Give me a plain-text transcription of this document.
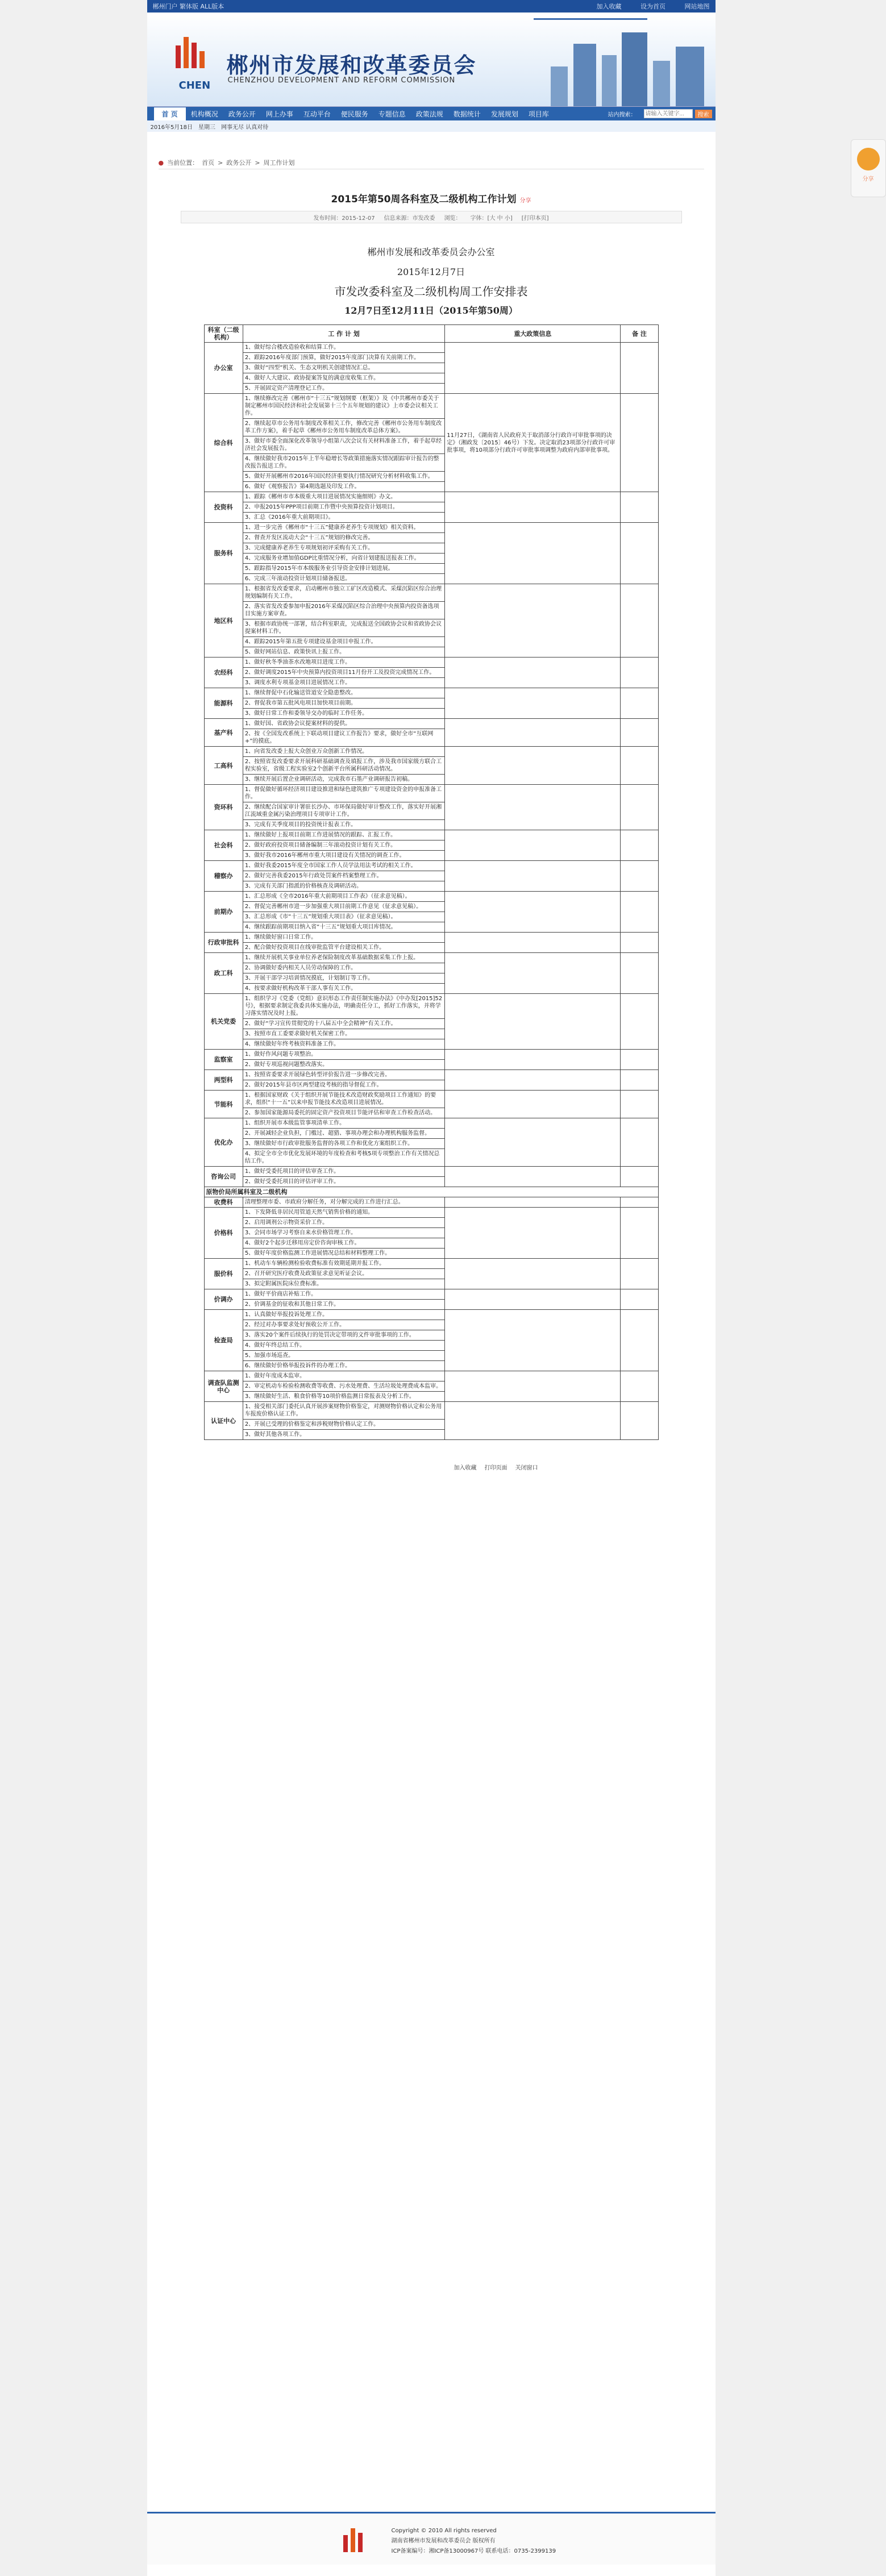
郴州门户 繁体版 ALL版本	加入收藏	设为首页	网站地图
CHEN
郴州市发展和改革委员会
CHENZHOU DEVELOPMENT AND REFORM COMMISSION
首 页	机构概况	政务公开	网上办事	互动平台	便民服务	专题信息	政策法规	数据统计	发展规划	项目库	站内搜索：
请输入关键字...	搜索
2016年5月18日 星期三 网事无尽 认真对待
● 当前位置： 首页 > 政务公开 > 周工作计划
2015年第50周各科室及二级机构工作计划 分享
发布时间：2015-12-07 信息来源：市发改委 浏览： 字体：[大 中 小] [打印本页]
郴州市发展和改革委员会办公室
2015年12月7日
市发改委科室及二级机构周工作安排表
12月7日至12月11日（2015年第50周）
科室（二级机构）	工 作 计 划	重大政策信息	备 注
办公室	1、做好综合楼改造验收和结算工作。		
	2、跟踪2016年度部门预算，做好2015年度部门决算有关前期工作。		
	3、做好“四型”机关、生态文明机关创建情况汇总。		
	4、做好人大建议、政协提案答复的满意度收集工作。		
	5、开展固定资产清理登记工作。		
综合科	1、继续修改完善《郴州市“十三五”规划纲要（框架）》及《中共郴州市委关于制定郴州市国民经济和社会发展第十三个五年规划的建议》上市委会议相关工作。	11月27日，《湖南省人民政府关于取消部分行政许可审批事项的决定》（湘政发〔2015〕46号）下发。决定取消23项部分行政许可审批事项，将10项部分行政许可审批事项调整为政府内部审批事项。	
	2、继续起草市公务用车制度改革相关工作，修改完善《郴州市公务用车制度改革工作方案》，着手起草《郴州市公务用车制度改革总体方案》。		
	3、做好市委全面深化改革领导小组第八次会议有关材料准备工作，着手起草经济社会发展报告。		
	4、继续做好我市2015年上半年稳增长等政策措施落实情况跟踪审计报告的整改报告报送工作。		
	5、做好开展郴州市2016年国民经济重要执行情况研究分析材料收集工作。		
	6、做好《观察报告》第4期选题及印发工作。		
投资科	1、跟踪《郴州市市本级重大项目进展情况实施细则》办文。		
	2、申报2015年PPP项目前期工作暨中央预算投资计划项目。		
	3、汇总《2016年重大前期项目》。		
服务科	1、进一步完善《郴州市“十三五”健康养老养生专项规划》相关资料。		
	2、督查开发区流动大会“十三五”规划的修改完善。		
	3、完成健康养老养生专项规划初评采购有关工作。		
	4、完成服务业增加值GDP比重情况分析，向省计划建报送报表工作。		
	5、跟踪指导2015年市本级服务业引导资金安排计划进展。		
	6、完成三年滚动投资计划项目储备报送。		
地区科	1、根据省发改委要求，启动郴州市独立工矿区改造模式、采煤沉陷区综合治理规划编制有关工作。		
	2、落实省发改委参加申报2016年采煤沉陷区综合治理中央预算内投资备选项目实施方案审查。		
	3、根据市政协统一部署，结合科室职责，完成报送全国政协会议和省政协会议提案材料工作。		
	4、跟踪2015年第五批专项建设基金项目申报工作。		
	5、做好网站信息、政策快讯上报工作。		
农经科	1、做好秋冬季油茶水改地项目进度工作。		
	2、做好调度2015年中央预算内投资项目11月份开工及投资完成情况工作。		
	3、调度水利专项基金项目进展情况工作。		
能源科	1、继续督促中石化输送管道安全隐患整改。		
	2、督促我市第五批风电项目加快项目前期。		
	3、做好日常工作和委领导交办的临时工作任务。		
基产科	1、做好国、省政协会议提案材料的提供。		
	2、按《全国发改系统上下联动项目建议工作报告》要求，做好全市“互联网+”的摸底。		
工高科	1、向省发改委上报大众创业万众创新工作情况。		
	2、按照省发改委要求开展科研基础调查及填报工作，涉及我市国家级方联合工程实验室，省级工程实验室2个创新平台所属科研活动情况。		
	3、继续开展后置企业调研活动，完成我市石墨产业调研报告初稿。		
资环科	1、督促做好循环经济项目建设推进和绿色建筑推广专项建设资金的申报准备工作。		
	2、继续配合国家审计署驻长沙办、市环保局做好审计整改工作，落实好开展湘江流域重金属污染治理项目专项审计工作。		
	3、完成有关季度项目的投资统计报表工作。		
社会科	1、继续做好上报项目前期工作进展情况的跟踪、汇报工作。		
	2、做好政府投资项目储备编制三年滚动投资计划有关工作。		
	3、做好我市2016年郴州市重大项目建设有关情况的调查工作。		
稽察办	1、做好我委2015年度全市国家工作人员学法用法考试的相关工作。		
	2、做好完善我委2015年行政处罚案件档案整理工作。		
	3、完成有关部门指派的价格核查及调研活动。		
前期办	1、汇总形成《全市2016年重大前期项目工作表》（征求意见稿）。		
	2、督促完善郴州市进一步加强重大项目前期工作意见（征求意见稿）。		
	3、汇总形成《市“十三五”规划重大项目表》（征求意见稿）。		
	4、继续跟踪前期项目纳入省“十三五”规划重大项目库情况。		
行政审批科	1、继续做好窗口日常工作。		
	2、配合做好投资项目在线审批监管平台建设相关工作。		
政工科	1、继续开展机关事业单位养老保险制度改革基础数据采集工作上报。		
	2、协调做好委内相关人员劳动保障的工作。		
	3、开展干部学习培训情况摸底，计划制订等工作。		
	4、按要求做好机构改革干部人事有关工作。		
机关党委	1、组织学习《党委（党组）意识形态工作责任制实施办法》《中办发[2015]52号》，根据要求制定我委具体实施办法，明确责任分工，抓好工作落实，并将学习落实情况及时上报。		
	2、做好“学习宣传贯彻党的十八届五中全会精神”有关工作。		
	3、按照市直工委要求做好机关保密工作。		
	4、继续做好年终考核资料准备工作。		
监察室	1、做好作风问题专项整治。		
	2、做好专项巡视问题整改落实。		
两型科	1、按照省委要求开展绿色转型评价报告进一步修改完善。		
	2、做好2015年县市区两型建设考核的指导督促工作。		
节能科	1、根据国家财政《关于组织开展节能技术改造财政奖励项目工作通知》的要求，组织“十一五”以来申报节能技术改造项目进展情况。		
	2、参加国家能源局委托的固定资产投资项目节能评估和审查工作检查活动。		
优化办	1、组织开展市本级监管事项清单工作。		
	2、开展减轻企业负担，门槛过、超猎、事项办理会和办理机构服务监督。		
	3、继续做好市行政审批服务监督的各项工作和优化方案组织工作。		
	4、拟定全市全市优化发展环境的年度检查和考核5项专项整治工作有关情况总结工作。		
咨询公司	1、做好受委托项目的评估审查工作。		
	2、做好受委托项目的评估评审工作。		
原物价局所属科室及二级机构			
收费科	清理整理市委、市政府分解任务，对分解完成的工作进行汇总。		
价格科	1、下发降低非居民用管道天然气销售价格的通知。		
	2、启用调剂公示物资采价工作。		
	3、会同市场学习考察自来水价格管理工作。		
	4、做好2个起步迁移用房定价咨询审核工作。		
	5、做好年度价格监测工作进展情况总结和材料整理工作。		
服价科	1、机动车车辆检测检验收费标准有效期延期并报工作。		
	2、召开研究医疗收费及政策征求意见听证会议。		
	3、拟定附属医院床位费标准。		
价调办	1、做好平价商店补贴工作。		
	2、价调基金的征收和其他日常工作。		
检查局	1、认真做好举报投诉处理工作。		
	2、经过对办事要求处好预收公开工作。		
	3、落实20个案件后续执行的处罚决定带项的文件审批事项的工作。		
	4、做好年终总结工作。		
	5、加强市场巡查。		
	6、继续做好价格举报投诉件的办理工作。		
调查队监测中心	1、做好年度成本监审。		
	2、审定机动车检验检测收费等收费、污水处理费、生活垃圾处理费成本监审。		
	3、继续做好生活、粮食价格等10项价格监测日常报表及分析工作。		
认证中心	1、接受相关部门委托认真开展涉案财物价格鉴定，对测财物价格认定和公务用车报废价格认证工作。		
	2、开展已受理的价格鉴定和涉税财物价格认定工作。		
	3、做好其他各项工作。		
加入收藏 打印页面 关闭窗口
分享
Copyright © 2010 All rights reserved
湖南省郴州市发展和改革委员会 版权所有
ICP备案编号：湘ICP备13000967号 联系电话：0735-2399139
